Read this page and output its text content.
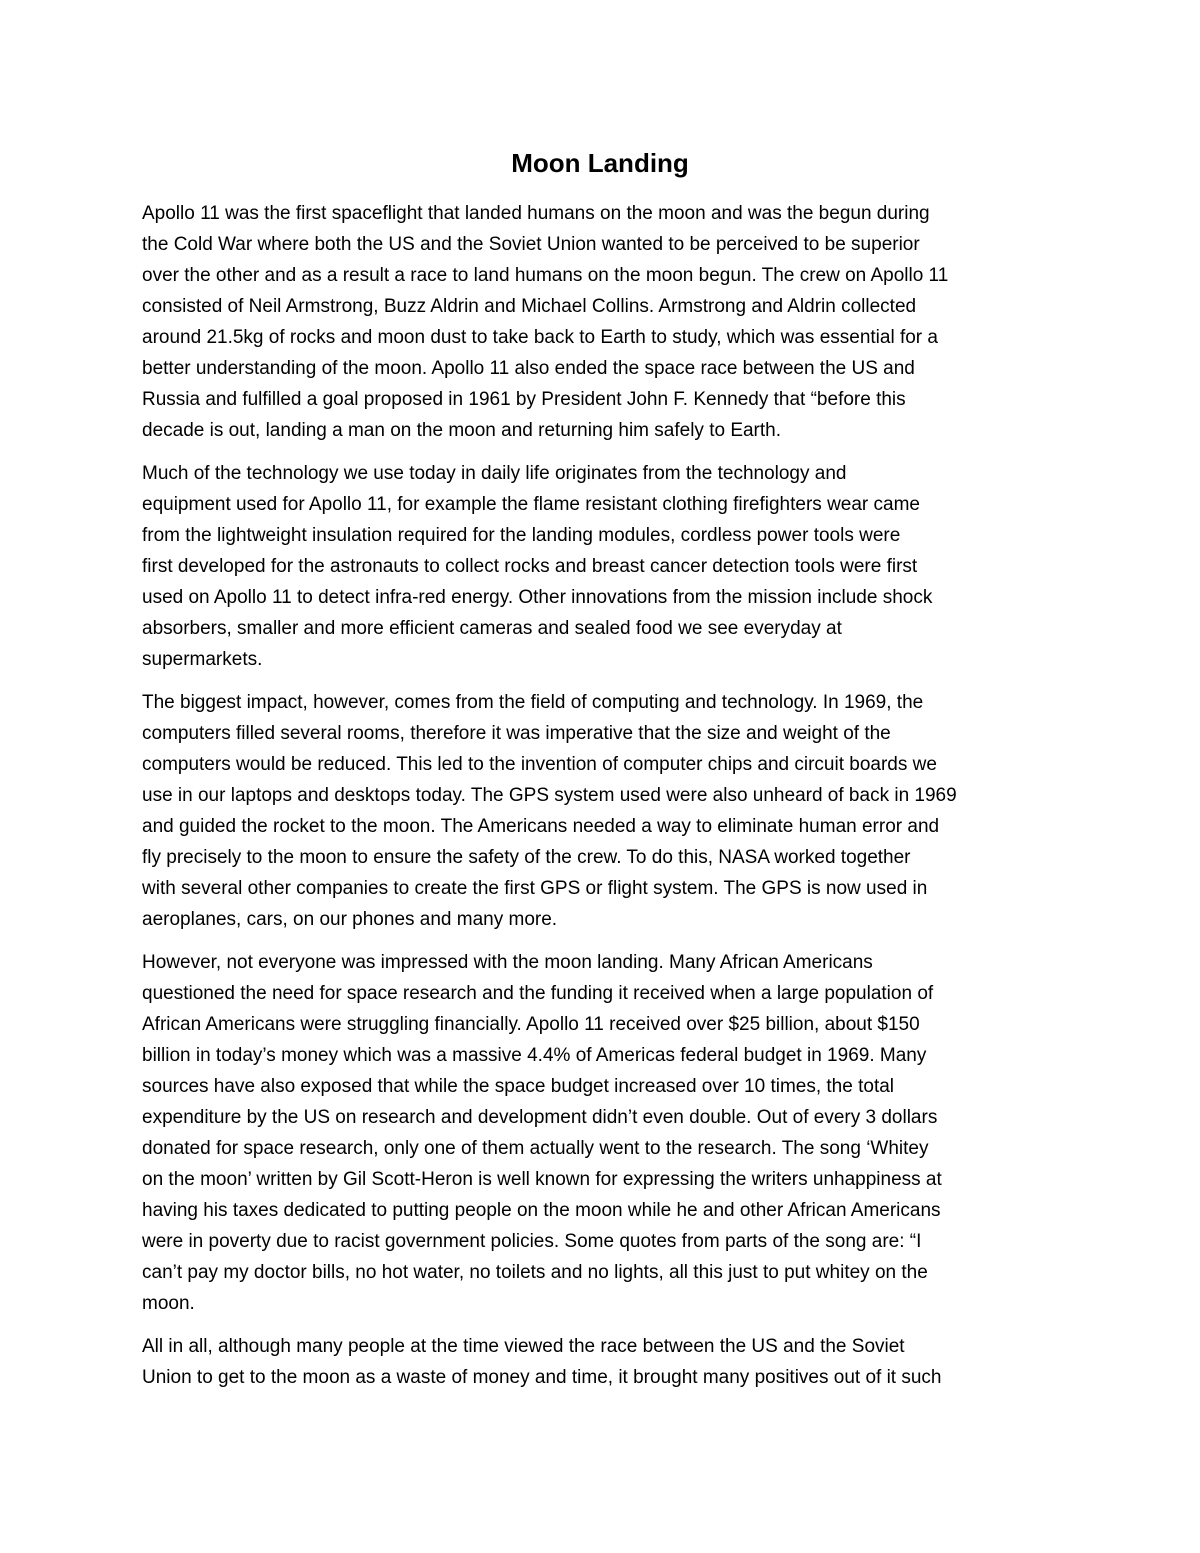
Moon Landing
Apollo 11 was the first spaceflight that landed humans on the moon and was the begun during
the Cold War where both the US and the Soviet Union wanted to be perceived to be superior
over the other and as a result a race to land humans on the moon begun. The crew on Apollo 11
consisted of Neil Armstrong, Buzz Aldrin and Michael Collins. Armstrong and Aldrin collected
around 21.5kg of rocks and moon dust to take back to Earth to study, which was essential for a
better understanding of the moon. Apollo 11 also ended the space race between the US and
Russia and fulfilled a goal proposed in 1961 by President John F. Kennedy that “before this
decade is out, landing a man on the moon and returning him safely to Earth.
Much of the technology we use today in daily life originates from the technology and
equipment used for Apollo 11, for example the flame resistant clothing firefighters wear came
from the lightweight insulation required for the landing modules, cordless power tools were
first developed for the astronauts to collect rocks and breast cancer detection tools were first
used on Apollo 11 to detect infra-red energy. Other innovations from the mission include shock
absorbers, smaller and more efficient cameras and sealed food we see everyday at
supermarkets.
The biggest impact, however, comes from the field of computing and technology. In 1969, the
computers filled several rooms, therefore it was imperative that the size and weight of the
computers would be reduced. This led to the invention of computer chips and circuit boards we
use in our laptops and desktops today. The GPS system used were also unheard of back in 1969
and guided the rocket to the moon. The Americans needed a way to eliminate human error and
fly precisely to the moon to ensure the safety of the crew. To do this, NASA worked together
with several other companies to create the first GPS or flight system. The GPS is now used in
aeroplanes, cars, on our phones and many more.
However, not everyone was impressed with the moon landing. Many African Americans
questioned the need for space research and the funding it received when a large population of
African Americans were struggling financially. Apollo 11 received over $25 billion, about $150
billion in today’s money which was a massive 4.4% of Americas federal budget in 1969. Many
sources have also exposed that while the space budget increased over 10 times, the total
expenditure by the US on research and development didn’t even double. Out of every 3 dollars
donated for space research, only one of them actually went to the research. The song ‘Whitey
on the moon’ written by Gil Scott-Heron is well known for expressing the writers unhappiness at
having his taxes dedicated to putting people on the moon while he and other African Americans
were in poverty due to racist government policies. Some quotes from parts of the song are: “I
can’t pay my doctor bills, no hot water, no toilets and no lights, all this just to put whitey on the
moon.
All in all, although many people at the time viewed the race between the US and the Soviet
Union to get to the moon as a waste of money and time, it brought many positives out of it such
